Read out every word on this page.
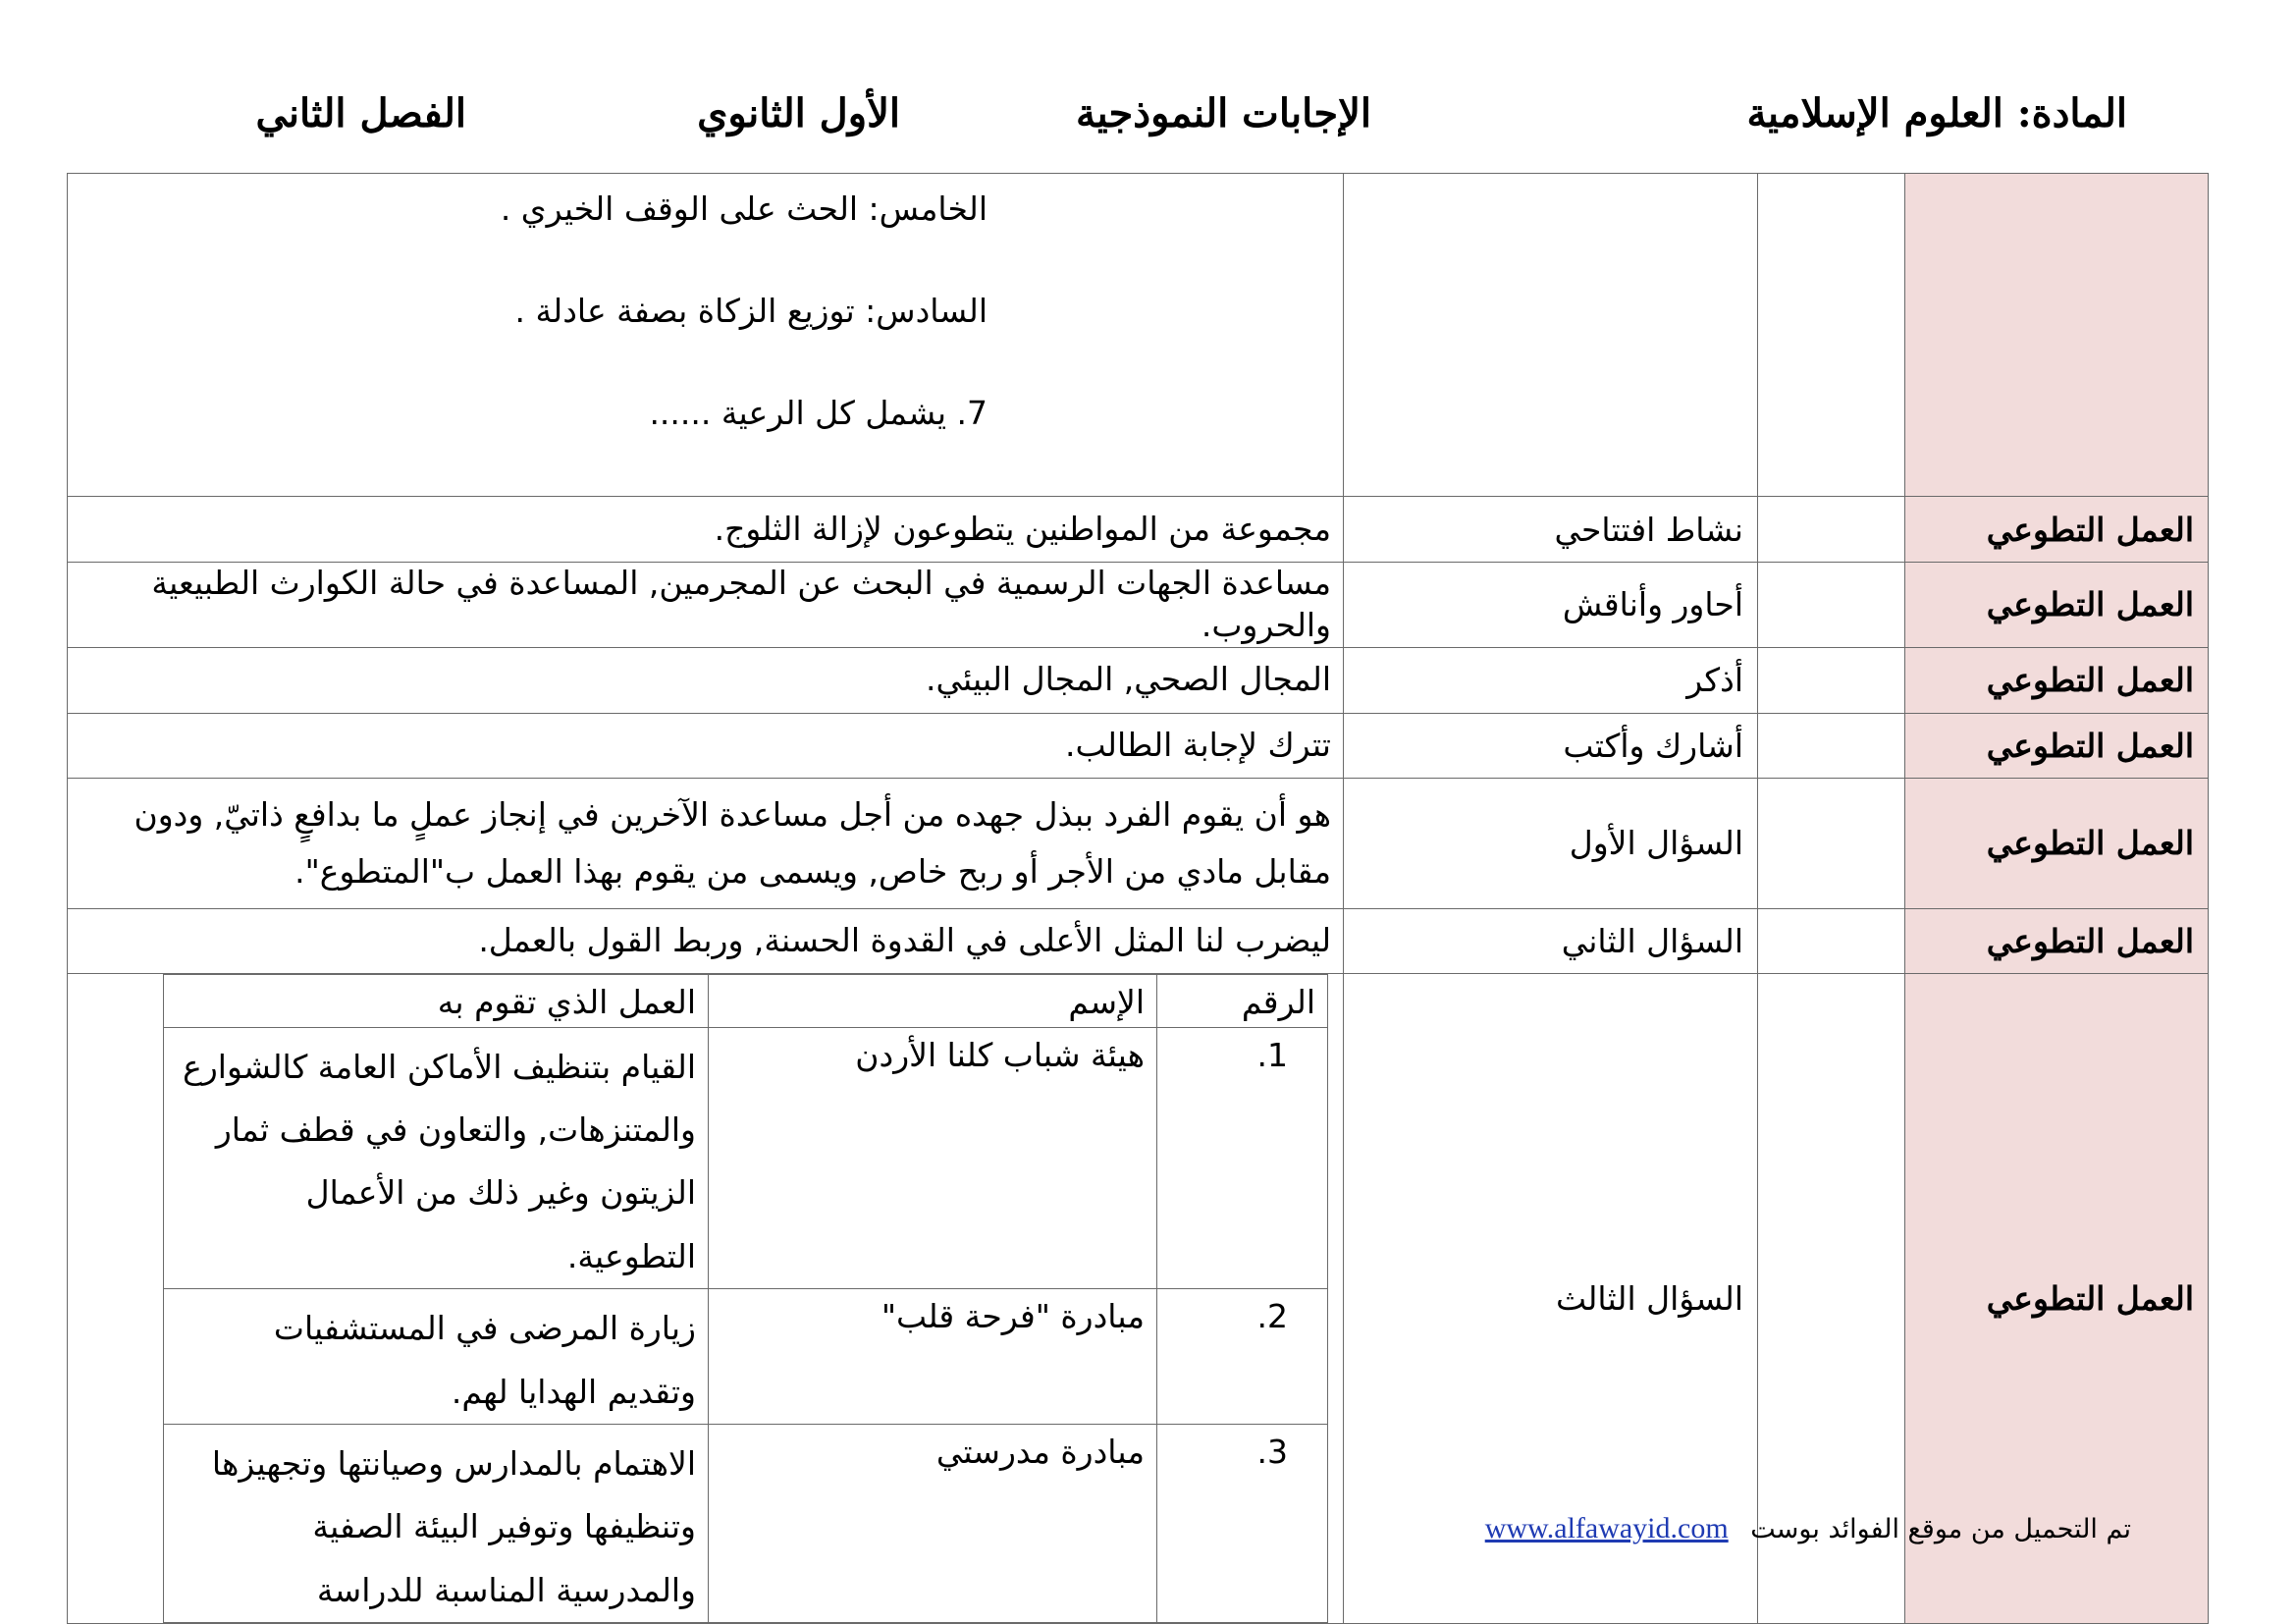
المادة: العلوم الإسلامية
الإجابات النموذجية
الأول الثانوي
الفصل الثاني

الخامس: الحث على الوقف الخيري .
السادس: توزيع الزكاة بصفة عادلة .
7. يشمل كل الرعية ......

العمل التطوعي		نشاط افتتاحي	مجموعة من المواطنين يتطوعون لإزالة الثلوج.
العمل التطوعي		أحاور وأناقش	مساعدة الجهات الرسمية في البحث عن المجرمين, المساعدة في حالة الكوارث الطبيعية والحروب.
العمل التطوعي		أذكر	المجال الصحي, المجال البيئي.
العمل التطوعي		أشارك وأكتب	تترك لإجابة الطالب.
العمل التطوعي		السؤال الأول	هو أن يقوم الفرد ببذل جهده من أجل مساعدة الآخرين في إنجاز عملٍ ما بدافعٍ ذاتيّ, ودون مقابل مادي من الأجر أو ربح خاص, ويسمى من يقوم بهذا العمل ب"المتطوع".
العمل التطوعي		السؤال الثاني	ليضرب لنا المثل الأعلى في القدوة الحسنة, وربط القول بالعمل.
العمل التطوعي		السؤال الثالث	
الرقم	الإسم	العمل الذي تقوم به
1.	هيئة شباب كلنا الأردن	القيام بتنظيف الأماكن العامة كالشوارع والمتنزهات, والتعاون في قطف ثمار الزيتون وغير ذلك من الأعمال التطوعية.
2.	مبادرة "فرحة قلب"	زيارة المرضى في المستشفيات وتقديم الهدايا لهم.
3.	مبادرة مدرستي	الاهتمام بالمدارس وصيانتها وتجهيزها وتنظيفها وتوفير البيئة الصفية والمدرسية المناسبة للدراسة
تم التحميل من موقع الفوائد بوست www.alfawayid.com
